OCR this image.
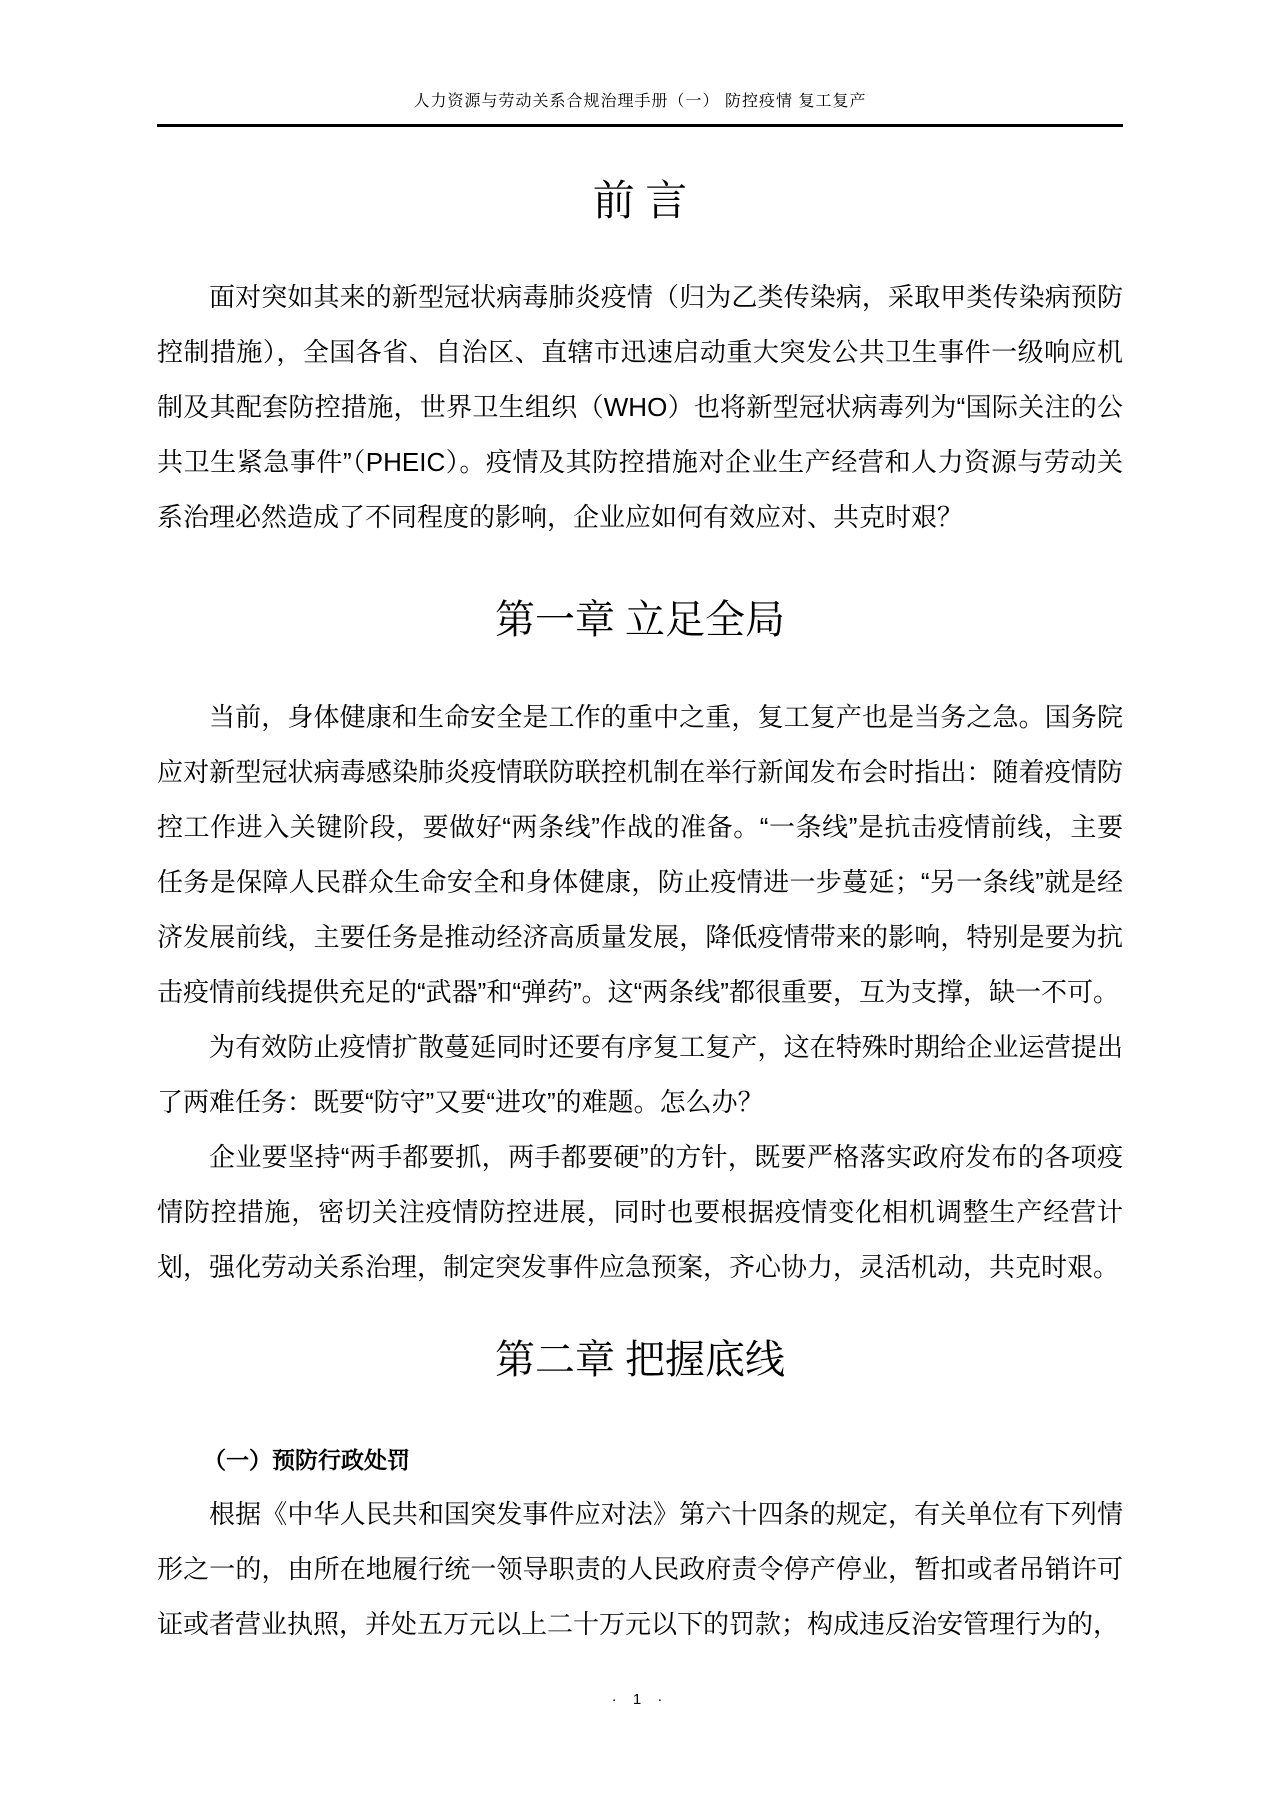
人力资源与劳动关系合规治理手册（一） 防控疫情 复工复产
前 言

面对突如其来的新型冠状病毒肺炎疫情（归为乙类传染病，采取甲类传染病预防控制措施），全国各省、自治区、直辖市迅速启动重大突发公共卫生事件一级响应机制及其配套防控措施，世界卫生组织（WHO）也将新型冠状病毒列为“国际关注的公共卫生紧急事件”（PHEIC）。疫情及其防控措施对企业生产经营和人力资源与劳动关系治理必然造成了不同程度的影响，企业应如何有效应对、共克时艰？

第一章 立足全局

当前，身体健康和生命安全是工作的重中之重，复工复产也是当务之急。国务院应对新型冠状病毒感染肺炎疫情联防联控机制在举行新闻发布会时指出：随着疫情防控工作进入关键阶段，要做好“两条线”作战的准备。“一条线”是抗击疫情前线，主要任务是保障人民群众生命安全和身体健康，防止疫情进一步蔓延；“另一条线”就是经济发展前线，主要任务是推动经济高质量发展，降低疫情带来的影响，特别是要为抗击疫情前线提供充足的“武器”和“弹药”。这“两条线”都很重要，互为支撑，缺一不可。

为有效防止疫情扩散蔓延同时还要有序复工复产，这在特殊时期给企业运营提出了两难任务：既要“防守”又要“进攻”的难题。怎么办？

企业要坚持“两手都要抓，两手都要硬”的方针，既要严格落实政府发布的各项疫情防控措施，密切关注疫情防控进展，同时也要根据疫情变化相机调整生产经营计划，强化劳动关系治理，制定突发事件应急预案，齐心协力，灵活机动，共克时艰。

第二章 把握底线
（一）预防行政处罚

根据《中华人民共和国突发事件应对法》第六十四条的规定，有关单位有下列情形之一的，由所在地履行统一领导职责的人民政府责令停产停业，暂扣或者吊销许可证或者营业执照，并处五万元以上二十万元以下的罚款；构成违反治安管理行为的，

· 1 ·
